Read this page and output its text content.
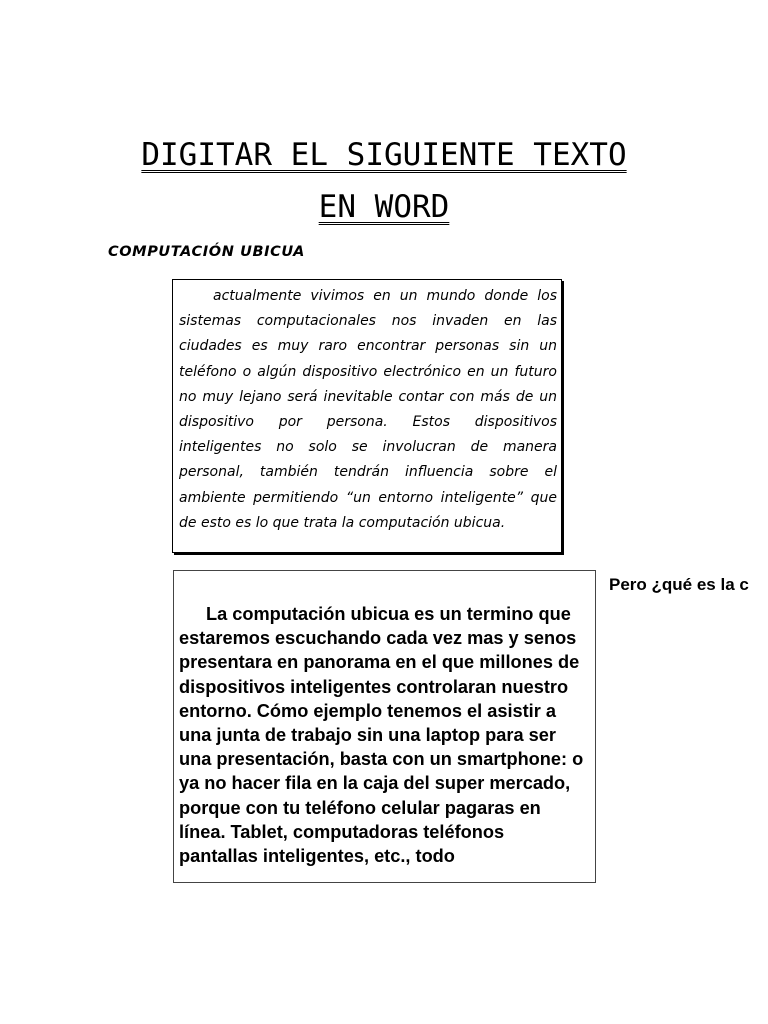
DIGITAR EL SIGUIENTE TEXTO
EN WORD
COMPUTACIÓN UBICUA

actualmente vivimos en un mundo donde los sistemas computacionales nos invaden en las ciudades es muy raro encontrar personas sin un teléfono o algún dispositivo electrónico en un futuro no muy lejano será inevitable contar con más de un dispositivo por persona. Estos dispositivos inteligentes no solo se involucran de manera personal, también tendrán influencia sobre el ambiente permitiendo “un entorno inteligente” que de esto es lo que trata la computación ubicua.

La computación ubicua es un termino que estaremos escuchando cada vez mas y senos presentara en panorama en el que millones de dispositivos inteligentes controlaran nuestro entorno. Cómo ejemplo tenemos el asistir a una junta de trabajo sin una laptop para ser una presentación, basta con un smartphone: o ya no hacer fila en la caja del super mercado, porque con tu teléfono celular pagaras en línea. Tablet, computadoras teléfonos pantallas inteligentes, etc., todo

Pero ¿qué es la c
